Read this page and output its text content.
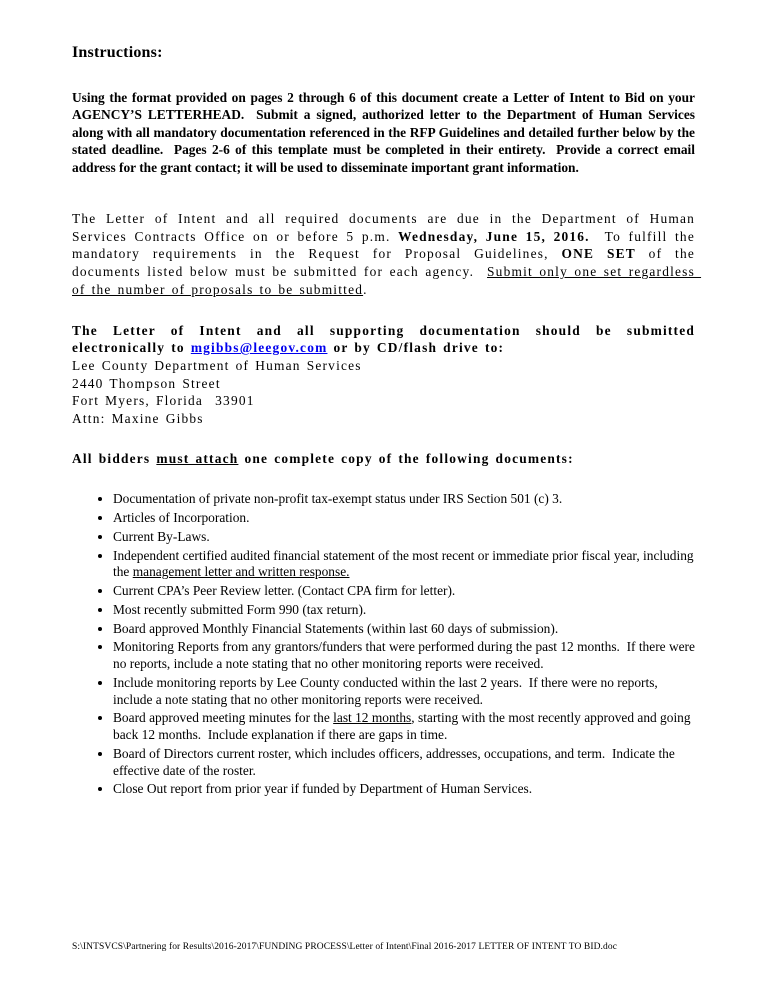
Instructions:

Using the format provided on pages 2 through 6 of this document create a Letter of Intent to Bid on your AGENCY’S LETTERHEAD.  Submit a signed, authorized letter to the Department of Human Services along with all mandatory documentation referenced in the RFP Guidelines and detailed further below by the stated deadline.  Pages 2-6 of this template must be completed in their entirety.  Provide a correct email address for the grant contact; it will be used to disseminate important grant information.

The Letter of Intent and all required documents are due in the Department of Human Services Contracts Office on or before 5 p.m. Wednesday, June 15, 2016.  To fulfill the mandatory requirements in the Request for Proposal Guidelines, ONE SET of the documents listed below must be submitted for each agency.  Submit only one set regardless of the number of proposals to be submitted.

The Letter of Intent and all supporting documentation should be submitted electronically to mgibbs@leegov.com or by CD/flash drive to:

Lee County Department of Human Services

2440 Thompson Street

Fort Myers, Florida  33901

Attn: Maxine Gibbs

All bidders must attach one complete copy of the following documents:

• Documentation of private non-profit tax-exempt status under IRS Section 501 (c) 3.
• Articles of Incorporation.
• Current By-Laws.
• Independent certified audited financial statement of the most recent or immediate prior fiscal year, including the management letter and written response.
• Current CPA’s Peer Review letter. (Contact CPA firm for letter).
• Most recently submitted Form 990 (tax return).
• Board approved Monthly Financial Statements (within last 60 days of submission).
• Monitoring Reports from any grantors/funders that were performed during the past 12 months.  If there were no reports, include a note stating that no other monitoring reports were received.
• Include monitoring reports by Lee County conducted within the last 2 years.  If there were no reports, include a note stating that no other monitoring reports were received.
• Board approved meeting minutes for the last 12 months, starting with the most recently approved and going back 12 months.  Include explanation if there are gaps in time.
• Board of Directors current roster, which includes officers, addresses, occupations, and term.  Indicate the effective date of the roster.
• Close Out report from prior year if funded by Department of Human Services.
S:\INTSVCS\Partnering for Results\2016-2017\FUNDING PROCESS\Letter of Intent\Final 2016-2017 LETTER OF INTENT TO BID.doc
